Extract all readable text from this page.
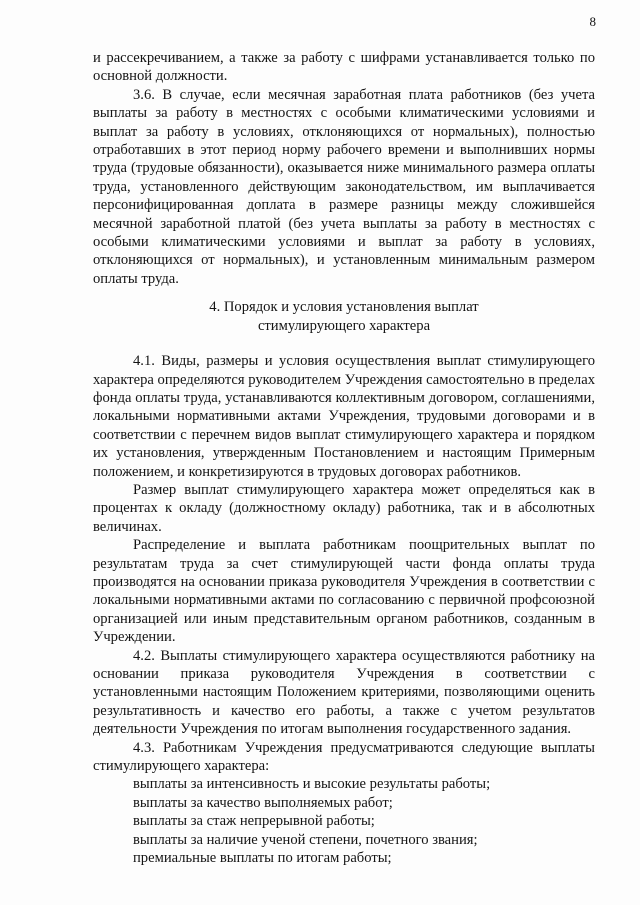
8

и рассекречиванием, а также за работу с шифрами устанавливается только по основной должности.

3.6. В случае, если месячная заработная плата работников (без учета выплаты за работу в местностях с особыми климатическими условиями и выплат за работу в условиях, отклоняющихся от нормальных), полностью отработавших в этот период норму рабочего времени и выполнивших нормы труда (трудовые обязанности), оказывается ниже минимального размера оплаты труда, установленного действующим законодательством, им выплачивается персонифицированная доплата в размере разницы между сложившейся месячной заработной платой (без учета выплаты за работу в местностях с особыми климатическими условиями и выплат за работу в условиях, отклоняющихся от нормальных), и установленным минимальным размером оплаты труда.

4. Порядок и условия установления выплат
стимулирующего характера

4.1. Виды, размеры и условия осуществления выплат стимулирующего характера определяются руководителем Учреждения самостоятельно в пределах фонда оплаты труда, устанавливаются коллективным договором, соглашениями, локальными нормативными актами Учреждения, трудовыми договорами и в соответствии с перечнем видов выплат стимулирующего характера и порядком их установления, утвержденным Постановлением и настоящим Примерным положением, и конкретизируются в трудовых договорах работников.

Размер выплат стимулирующего характера может определяться как в процентах к окладу (должностному окладу) работника, так и в абсолютных величинах.

Распределение и выплата работникам поощрительных выплат по результатам труда за счет стимулирующей части фонда оплаты труда производятся на основании приказа руководителя Учреждения в соответствии с локальными нормативными актами по согласованию с первичной профсоюзной организацией или иным представительным органом работников, созданным в Учреждении.

4.2. Выплаты стимулирующего характера осуществляются работнику на основании приказа руководителя Учреждения в соответствии с установленными настоящим Положением критериями, позволяющими оценить результативность и качество его работы, а также с учетом результатов деятельности Учреждения по итогам выполнения государственного задания.

4.3. Работникам Учреждения предусматриваются следующие выплаты стимулирующего характера:

выплаты за интенсивность и высокие результаты работы;
выплаты за качество выполняемых работ;
выплаты за стаж непрерывной работы;
выплаты за наличие ученой степени, почетного звания;
премиальные выплаты по итогам работы;
